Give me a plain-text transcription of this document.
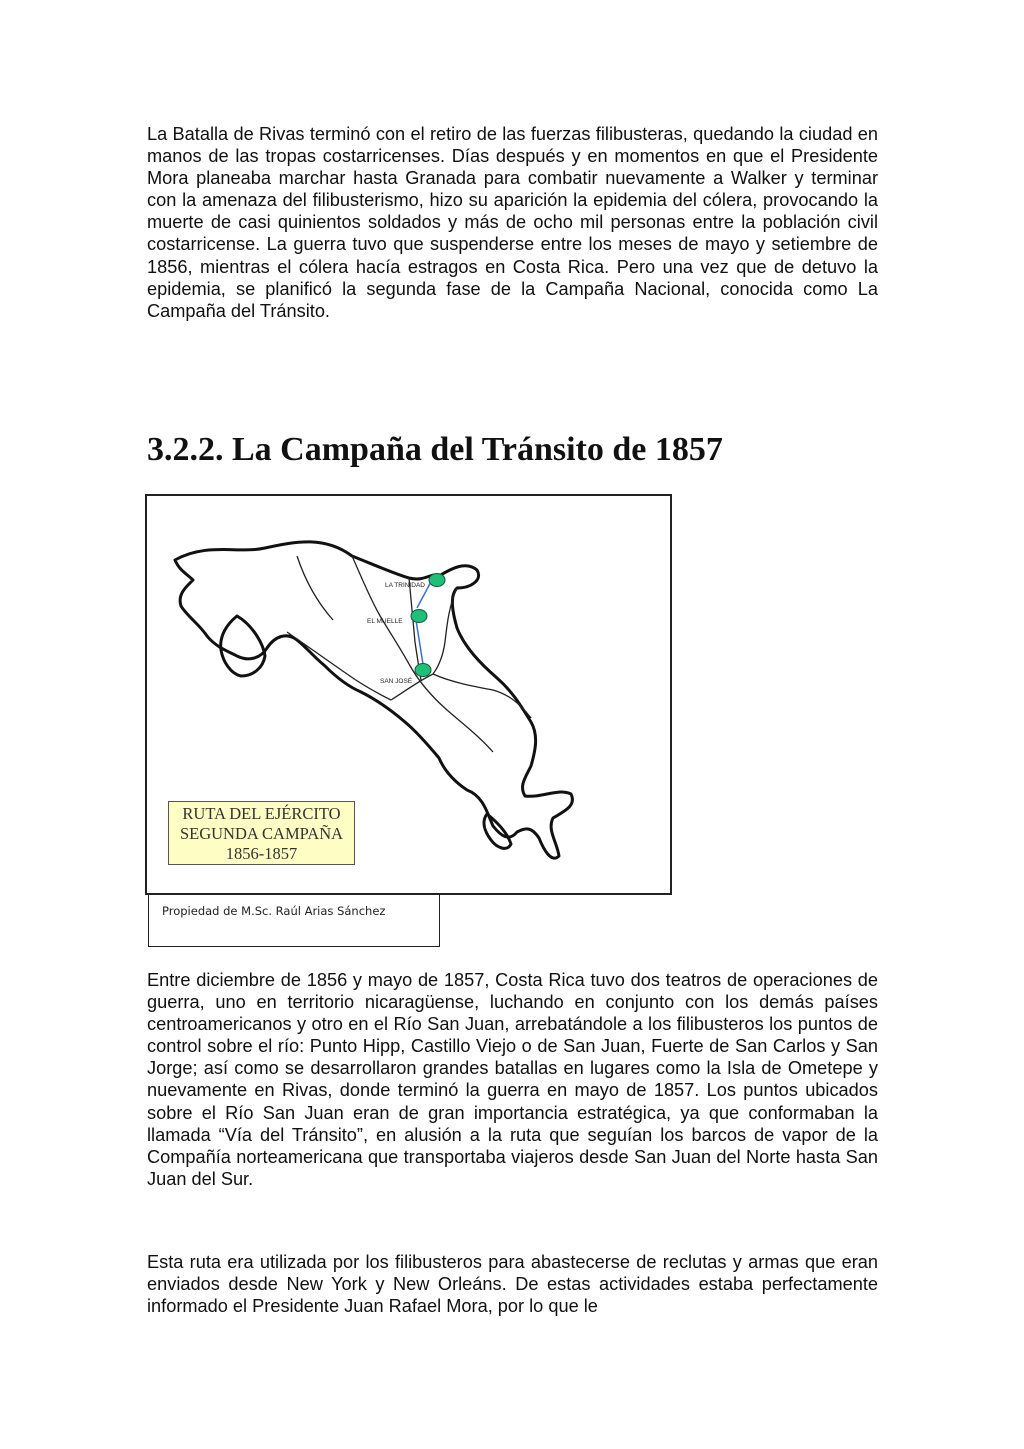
La Batalla de Rivas terminó con el retiro de las fuerzas filibusteras, quedando la ciudad en manos de las tropas costarricenses. Días después y en momentos en que el Presidente Mora planeaba marchar hasta Granada para combatir nuevamente a Walker y terminar con la amenaza del filibusterismo, hizo su aparición la epidemia del cólera, provocando la muerte de casi quinientos soldados y más de ocho mil personas entre la población civil costarricense. La guerra tuvo que suspenderse entre los meses de mayo y setiembre de 1856, mientras el cólera hacía estragos en Costa Rica. Pero una vez que de detuvo la epidemia, se planificó la segunda fase de la Campaña Nacional, conocida como La Campaña del Tránsito.

3.2.2. La Campaña del Tránsito de 1857
LA TRINIDAD
EL MUELLE
SAN JOSÉ
RUTA DEL EJÉRCITO
SEGUNDA CAMPAÑA
1856-1857
Propiedad de M.Sc. Raúl Arias Sánchez

Entre diciembre de 1856 y mayo de 1857, Costa Rica tuvo dos teatros de operaciones de guerra, uno en territorio nicaragüense, luchando en conjunto con los demás países centroamericanos y otro en el Río San Juan, arrebatándole a los filibusteros los puntos de control sobre el río: Punto Hipp, Castillo Viejo o de San Juan, Fuerte de San Carlos y San Jorge; así como se desarrollaron grandes batallas en lugares como la Isla de Ometepe y nuevamente en Rivas, donde terminó la guerra en mayo de 1857. Los puntos ubicados sobre el Río San Juan eran de gran importancia estratégica, ya que conformaban la llamada “Vía del Tránsito”, en alusión a la ruta que seguían los barcos de vapor de la Compañía norteamericana que transportaba viajeros desde San Juan del Norte hasta San Juan del Sur.

Esta ruta era utilizada por los filibusteros para abastecerse de reclutas y armas que eran enviados desde New York y New Orleáns. De estas actividades estaba perfectamente informado el Presidente Juan Rafael Mora, por lo que le
